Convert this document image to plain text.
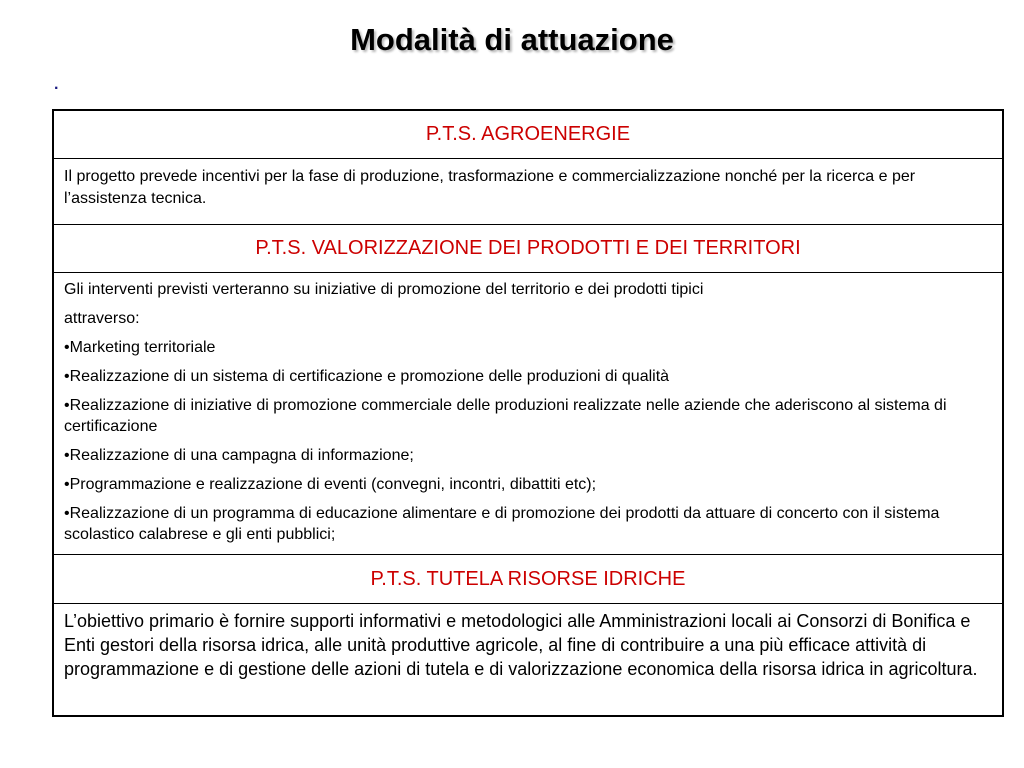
Modalità di attuazione
·
P.T.S. AGROENERGIE
Il progetto prevede incentivi per la fase di produzione, trasformazione e commercializzazione nonché per la ricerca e per l’assistenza tecnica.
P.T.S. VALORIZZAZIONE DEI PRODOTTI E DEI TERRITORI
Gli interventi previsti verteranno su iniziative di promozione del territorio e dei prodotti tipici
attraverso:
•Marketing territoriale
•Realizzazione di un sistema di certificazione e promozione delle produzioni di qualità
•Realizzazione di iniziative di promozione commerciale delle produzioni realizzate nelle aziende che aderiscono al sistema di certificazione
•Realizzazione di una campagna di informazione;
•Programmazione e realizzazione di eventi (convegni, incontri, dibattiti etc);
•Realizzazione di un programma di educazione alimentare e di promozione dei prodotti da attuare di concerto con il sistema scolastico calabrese e gli enti pubblici;
P.T.S. TUTELA RISORSE IDRICHE
L’obiettivo primario è fornire supporti informativi e metodologici alle Amministrazioni locali ai Consorzi di Bonifica e Enti gestori della risorsa idrica, alle unità produttive agricole, al fine di contribuire a una più efficace attività di programmazione e di gestione delle azioni di tutela e di valorizzazione economica della risorsa idrica in agricoltura.
